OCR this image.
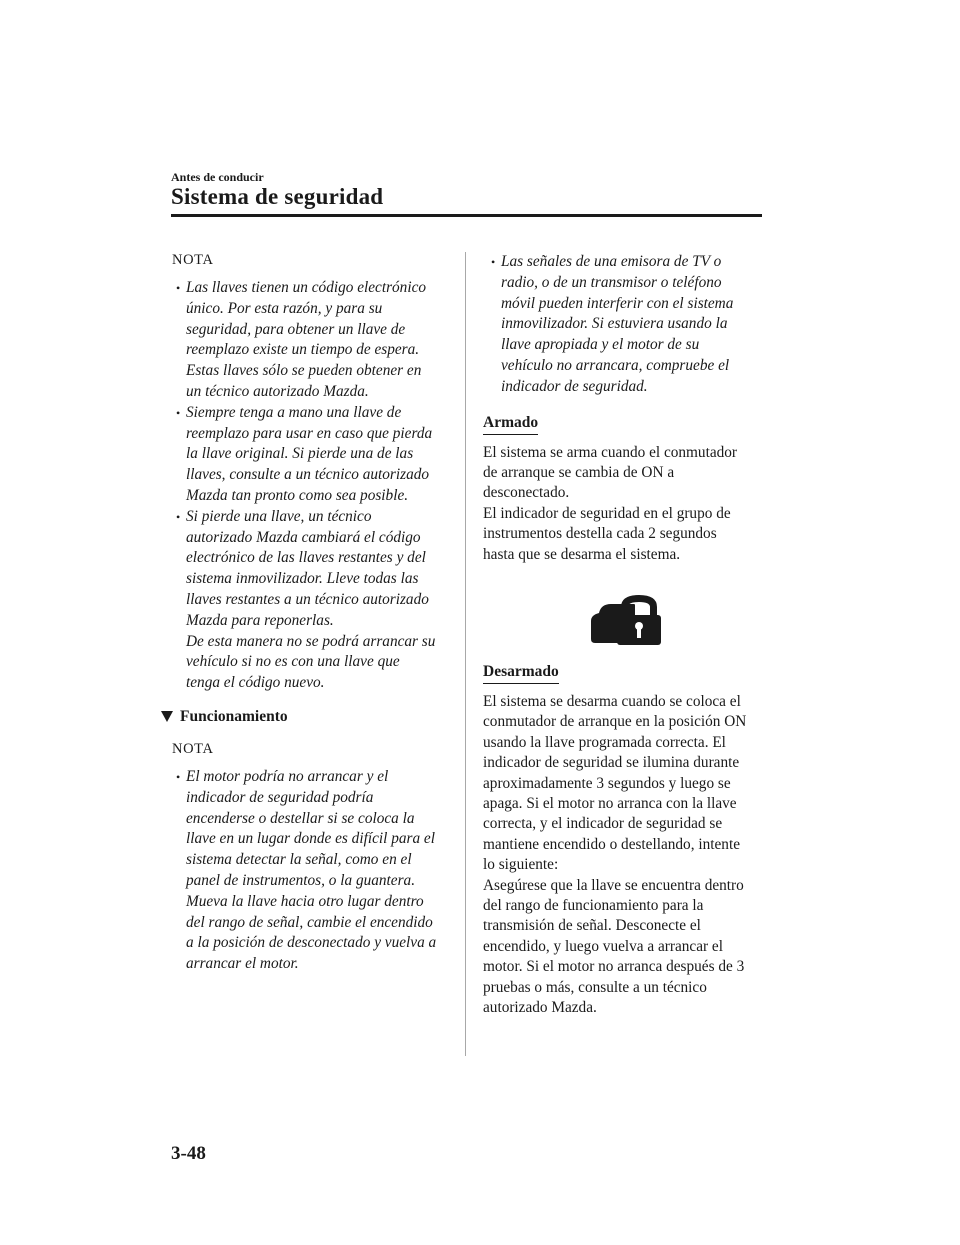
Antes de conducir
Sistema de seguridad
NOTA
• Las llaves tienen un código electrónico
único. Por esta razón, y para su
seguridad, para obtener un llave de
reemplazo existe un tiempo de espera.
Estas llaves sólo se pueden obtener en
un técnico autorizado Mazda.
• Siempre tenga a mano una llave de
reemplazo para usar en caso que pierda
la llave original. Si pierde una de las
llaves, consulte a un técnico autorizado
Mazda tan pronto como sea posible.
• Si pierde una llave, un técnico
autorizado Mazda cambiará el código
electrónico de las llaves restantes y del
sistema inmovilizador. Lleve todas las
llaves restantes a un técnico autorizado
Mazda para reponerlas.
De esta manera no se podrá arrancar su
vehículo si no es con una llave que
tenga el código nuevo.
Funcionamiento
NOTA
• El motor podría no arrancar y el
indicador de seguridad podría
encenderse o destellar si se coloca la
llave en un lugar donde es difícil para el
sistema detectar la señal, como en el
panel de instrumentos, o la guantera.
Mueva la llave hacia otro lugar dentro
del rango de señal, cambie el encendido
a la posición de desconectado y vuelva a
arrancar el motor.
• Las señales de una emisora de TV o
radio, o de un transmisor o teléfono
móvil pueden interferir con el sistema
inmovilizador. Si estuviera usando la
llave apropiada y el motor de su
vehículo no arrancara, compruebe el
indicador de seguridad.
Armado
El sistema se arma cuando el conmutador
de arranque se cambia de ON a
desconectado.
El indicador de seguridad en el grupo de
instrumentos destella cada 2 segundos
hasta que se desarma el sistema.
Desarmado
El sistema se desarma cuando se coloca el
conmutador de arranque en la posición ON
usando la llave programada correcta. El
indicador de seguridad se ilumina durante
aproximadamente 3 segundos y luego se
apaga. Si el motor no arranca con la llave
correcta, y el indicador de seguridad se
mantiene encendido o destellando, intente
lo siguiente:
Asegúrese que la llave se encuentra dentro
del rango de funcionamiento para la
transmisión de señal. Desconecte el
encendido, y luego vuelva a arrancar el
motor. Si el motor no arranca después de 3
pruebas o más, consulte a un técnico
autorizado Mazda.
3-48
